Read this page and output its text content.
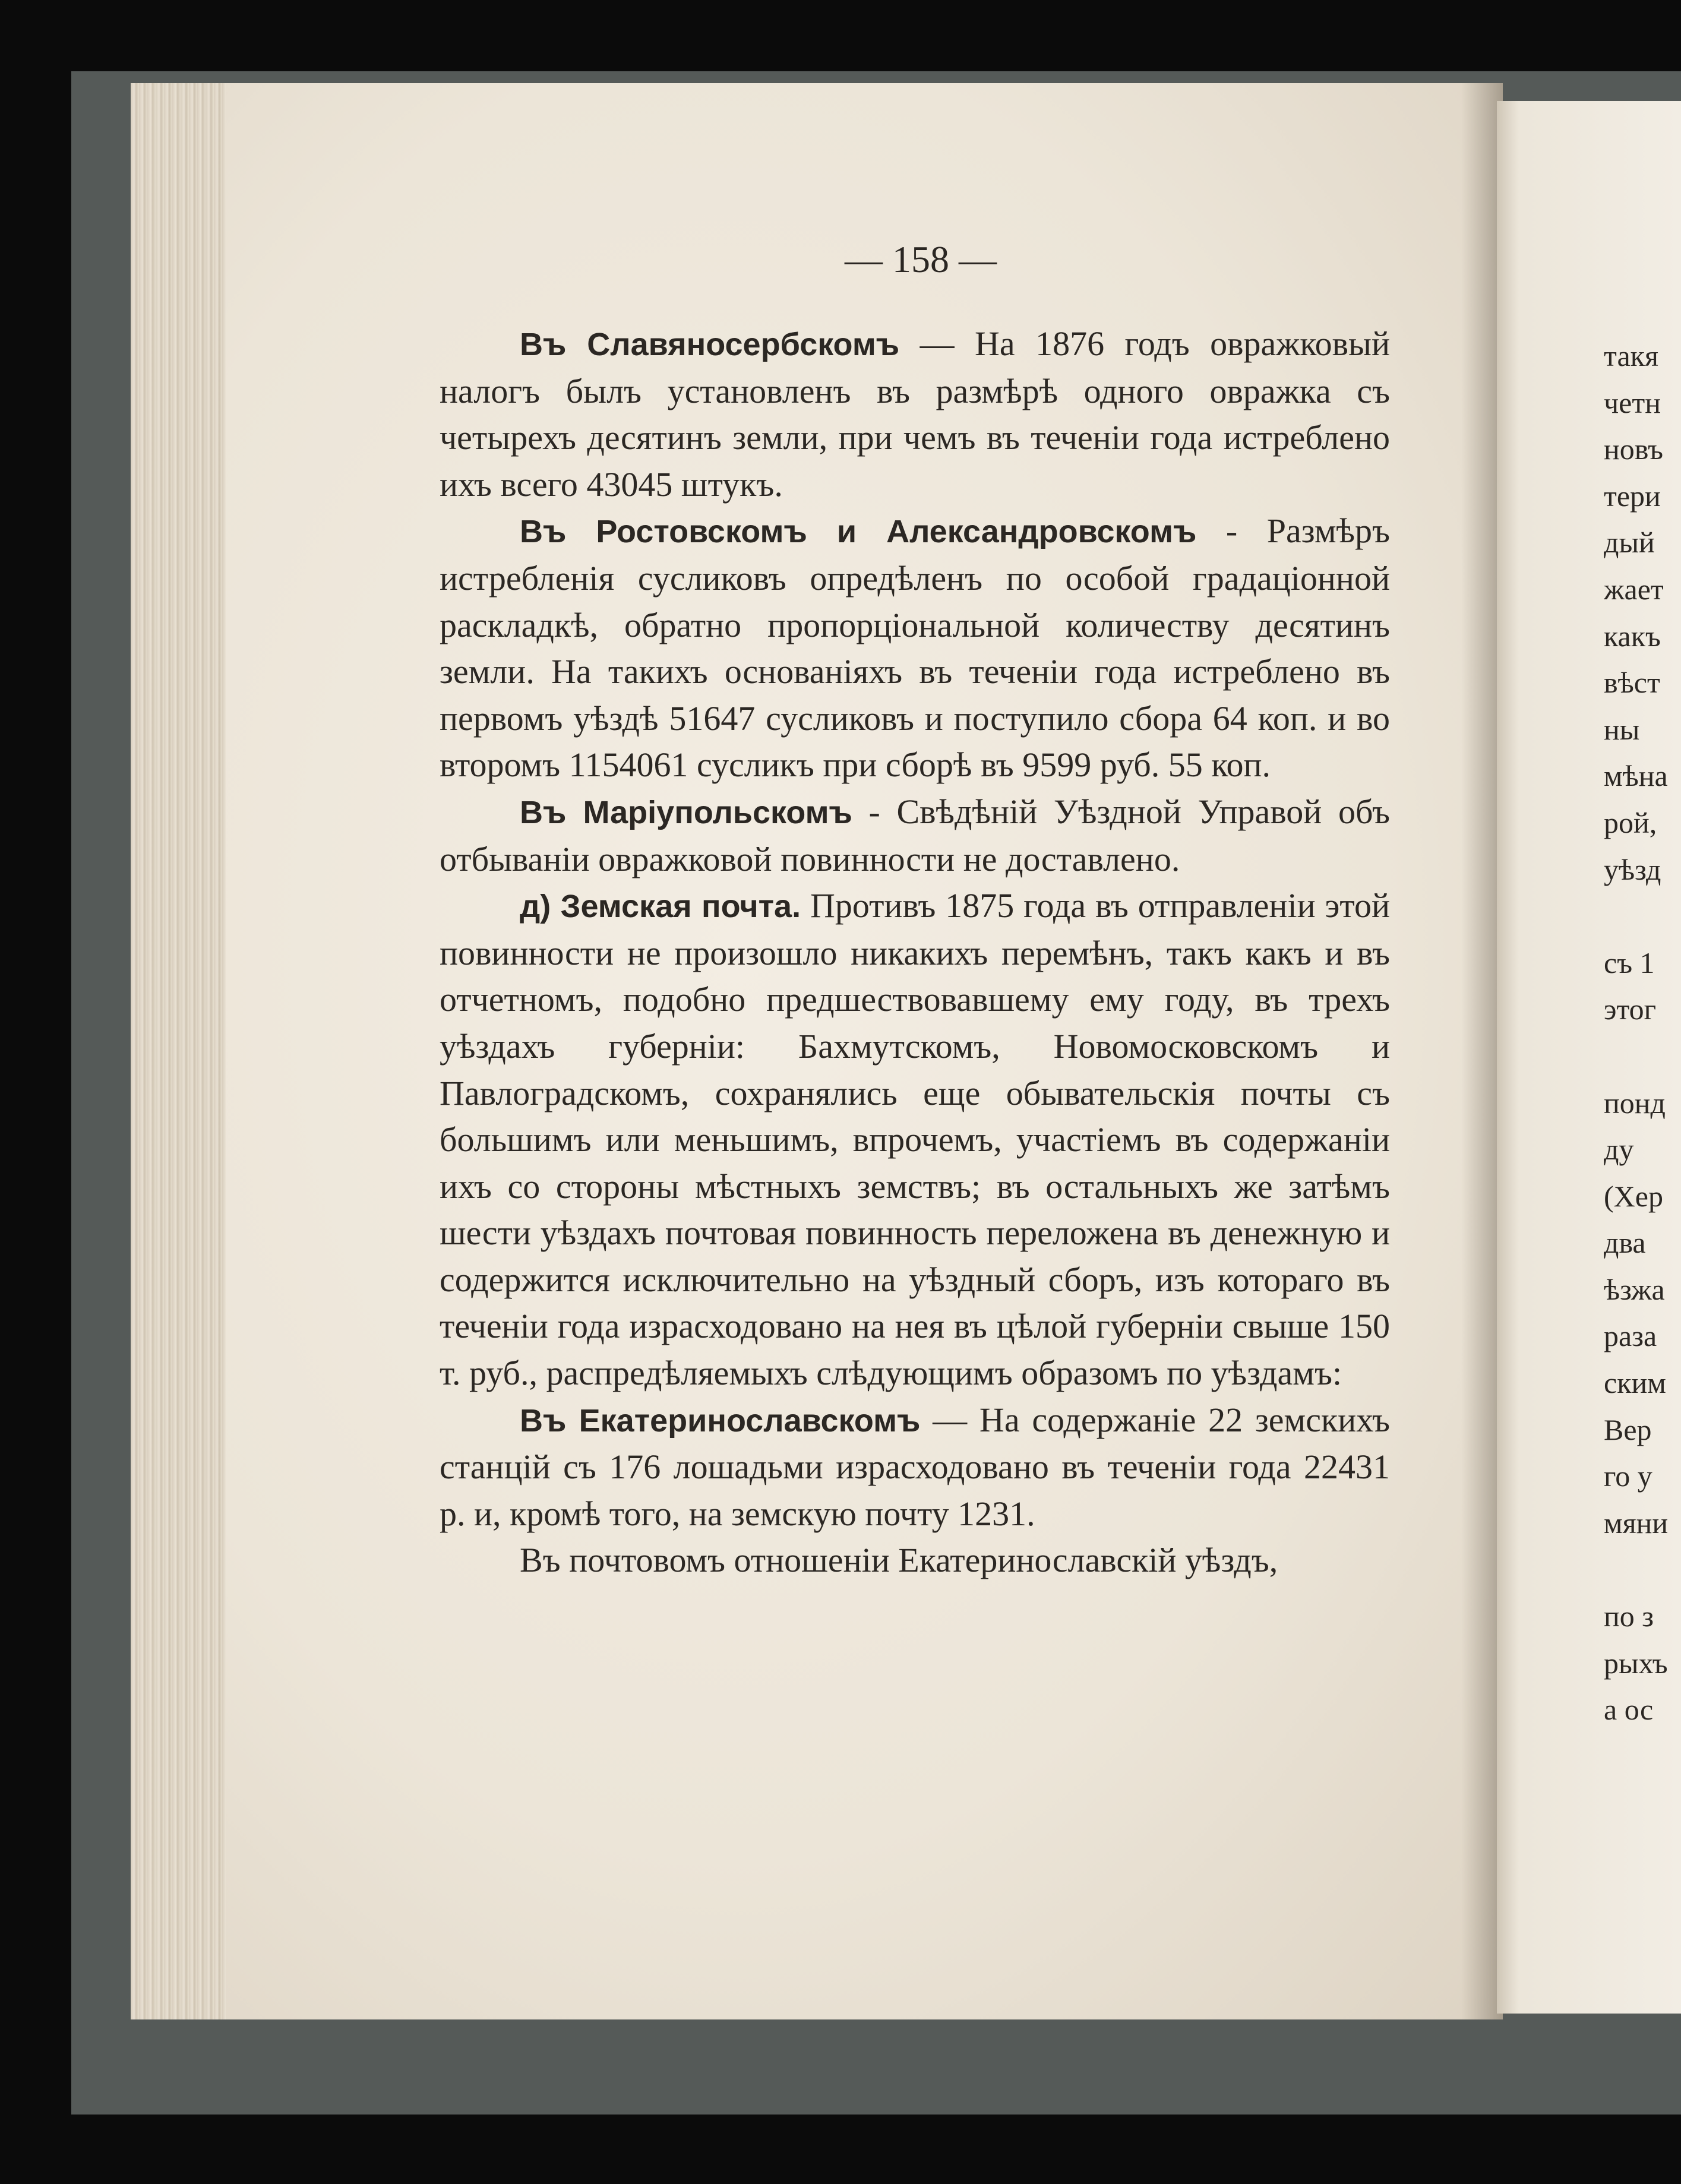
— 158 —

Въ Славяносербскомъ — На 1876 годъ овражковый налогъ былъ установленъ въ размѣрѣ одного овражка съ четырехъ десятинъ земли, при чемъ въ теченіи года истреблено ихъ всего 43045 штукъ.

Въ Ростовскомъ и Александровскомъ - Размѣръ истребленія сусликовъ опредѣленъ по особой градаціонной раскладкѣ, обратно пропорціональной количеству десятинъ земли. На такихъ основаніяхъ въ теченіи года истреблено въ первомъ уѣздѣ 51647 сусликовъ и поступило сбора 64 коп. и во второмъ 1154061 сусликъ при сборѣ въ 9599 руб. 55 коп.

Въ Маріупольскомъ - Свѣдѣній Уѣздной Управой объ отбываніи овражковой повинности не доставлено.

д) Земская почта. Противъ 1875 года въ отправленіи этой повинности не произошло никакихъ перемѣнъ, такъ какъ и въ отчетномъ, подобно предшествовавшему ему году, въ трехъ уѣздахъ губерніи: Бахмутскомъ, Новомосковскомъ и Павлоградскомъ, сохранялись еще обывательскія почты съ большимъ или меньшимъ, впрочемъ, участіемъ въ содержаніи ихъ со стороны мѣстныхъ земствъ; въ остальныхъ же затѣмъ шести уѣздахъ почтовая повинность переложена въ денежную и содержится исключительно на уѣздный сборъ, изъ котораго въ теченіи года израсходовано на нея въ цѣлой губерніи свыше 150 т. руб., распредѣляемыхъ слѣдующимъ образомъ по уѣздамъ:

Въ Екатеринославскомъ — На содержаніе 22 земскихъ станцій съ 176 лошадьми израсходовано въ теченіи года 22431 р. и, кромѣ того, на земскую почту 1231.

Въ почтовомъ отношеніи Екатеринославскій уѣздъ,

такя
четн
новъ
тери
дый
жает
какъ
вѣст
ны
мѣна
рой,
уѣзд
съ 1
этог
понд
ду
(Хер
два
ѣзжа
раза
ским
Вер
го у
мяни
по з
рыхъ
а ос
